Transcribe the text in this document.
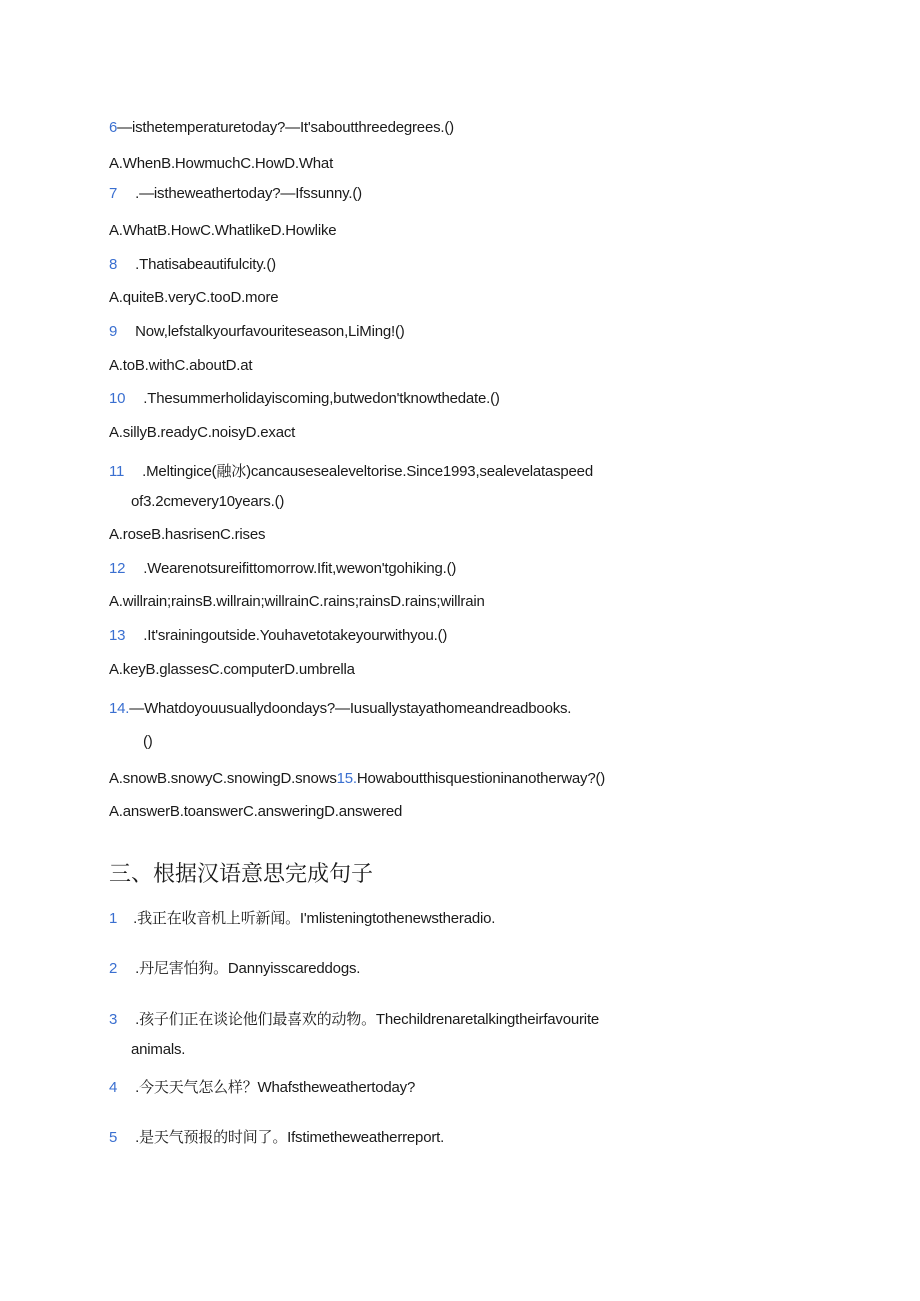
6—isthetemperaturetoday?—It'saboutthreedegrees.()
A.WhenB.HowmuchC.HowD.What
7 .—istheweathertoday?—Ifssunny.()
A.WhatB.HowC.WhatlikeD.Howlike
8 .Thatisabeautifulcity.()
A.quiteB.veryC.tooD.more
9 Now,lefstalkyourfavouriteseason,LiMing!()
A.toB.withC.aboutD.at
10 .Thesummerholidayiscoming,butwedon'tknowthedate.()
A.sillyB.readyC.noisyD.exact
11 .Meltingice(融冰)cancausesealeveltorise.Since1993,sealevelataspeed
of3.2cmevery10years.()
A.roseB.hasrisenC.rises
12 .Wearenotsureifittomorrow.Ifit,wewon'tgohiking.()
A.willrain;rainsB.willrain;willrainC.rains;rainsD.rains;willrain
13 .It'srainingoutside.Youhavetotakeyourwithyou.()
A.keyB.glassesC.computerD.umbrella
14.—Whatdoyouusuallydoondays?—Iusuallystayathomeandreadbooks.
()
A.snowB.snowyC.snowingD.snows15.Howaboutthisquestioninanotherway?()
A.answerB.toanswerC.answeringD.answered
三、根据汉语意思完成句子
1 .我正在收音机上听新闻。I'mlisteningtothenewstheradio.
2 .丹尼害怕狗。Dannyisscareddogs.
3 .孩子们正在谈论他们最喜欢的动物。Thechildrenaretalkingtheirfavourite
animals.
4 .今天天气怎么样？Whafstheweathertoday?
5 .是天气预报的时间了。Ifstimetheweatherreport.
